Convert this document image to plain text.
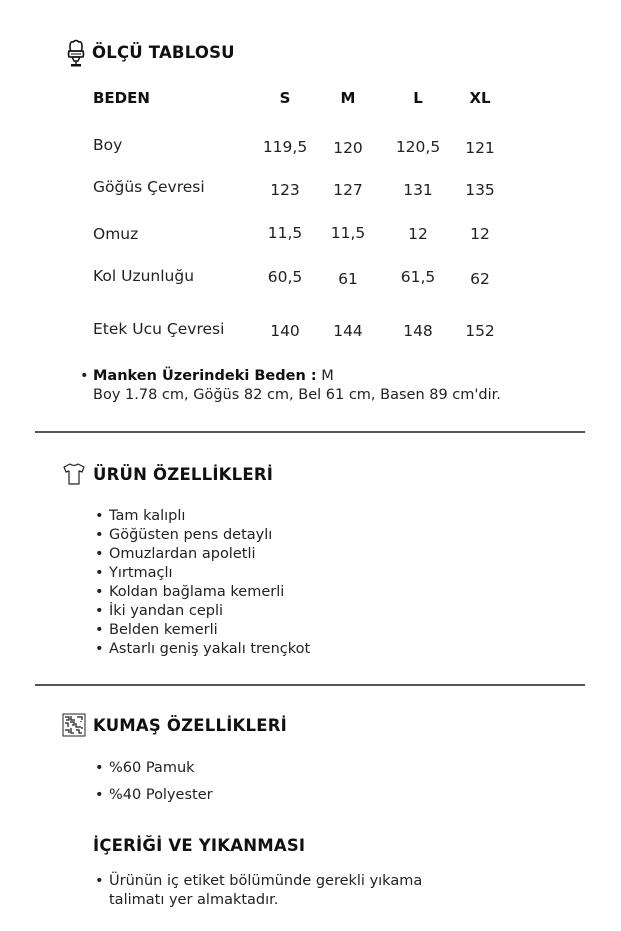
ÖLÇÜ TABLOSU
BEDEN	S	M	L	XL
Boy	119,5	120	120,5	121
Göğüs Çevresi	123	127	131	135
Omuz	11,5	11,5	12	12
Kol Uzunluğu	60,5	61	61,5	62
Etek Ucu Çevresi	140	144	148	152
• Manken Üzerindeki Beden : M
Boy 1.78 cm, Göğüs 82 cm, Bel 61 cm, Basen 89 cm'dir.
ÜRÜN ÖZELLİKLERİ
• Tam kalıplı
• Göğüsten pens detaylı
• Omuzlardan apoletli
• Yırtmaçlı
• Koldan bağlama kemerli
• İki yandan cepli
• Belden kemerli
• Astarlı geniş yakalı trençkot
KUMAŞ ÖZELLİKLERİ
• %60 Pamuk
• %40 Polyester
İÇERİĞİ VE YIKANMASI
• Ürünün iç etiket bölümünde gerekli yıkama
talimatı yer almaktadır.
